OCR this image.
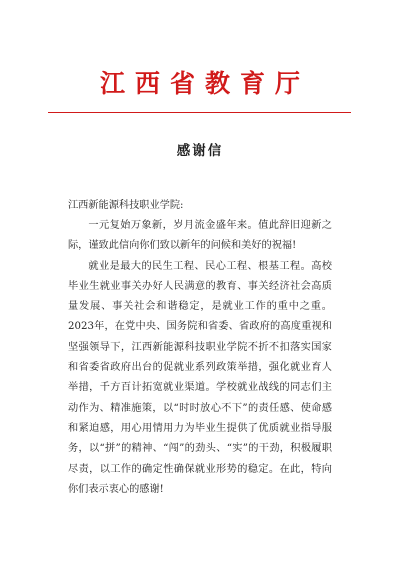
江西省教育厅
感谢信
江西新能源科技职业学院:

一元复始万象新，岁月流金盛年来。值此辞旧迎新之际，谨致此信向你们致以新年的问候和美好的祝福!

就业是最大的民生工程、民心工程、根基工程。高校毕业生就业事关办好人民满意的教育、事关经济社会高质量发展、事关社会和谐稳定，是就业工作的重中之重。2023年，在党中央、国务院和省委、省政府的高度重视和坚强领导下，江西新能源科技职业学院不折不扣落实国家和省委省政府出台的促就业系列政策举措，强化就业育人举措，千方百计拓宽就业渠道。学校就业战线的同志们主动作为、精准施策，以“时时放心不下”的责任感、使命感和紧迫感，用心用情用力为毕业生提供了优质就业指导服务，以“拼”的精神、“闯”的劲头、“实”的干劲，积极履职尽责，以工作的确定性确保就业形势的稳定。在此，特向你们表示衷心的感谢!
